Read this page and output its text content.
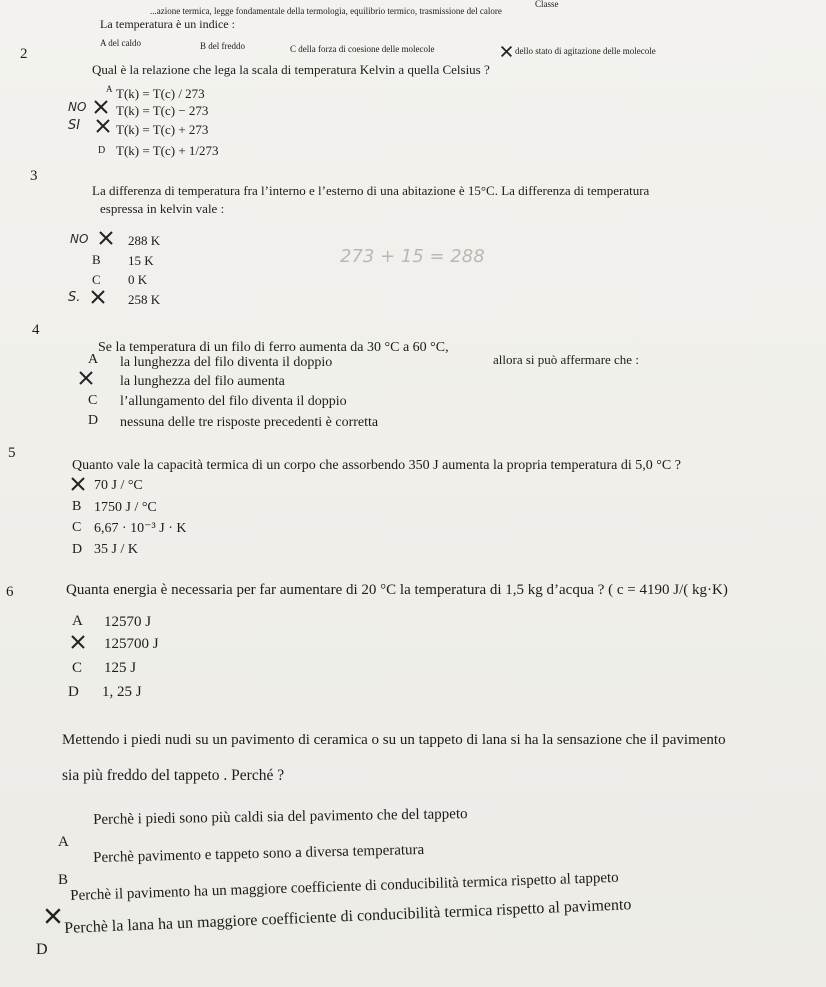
Classe
...azione termica, legge fondamentale della termologia, equilibrio termico, trasmissione del calore
La temperatura è un indice :
A del caldo	B del freddo	C della forza di coesione delle molecole	dello stato di agitazione delle molecole
2
Qual è la relazione che lega la scala di temperatura Kelvin a quella Celsius ?
A T(k) = T(c) / 273
NO T(k) = T(c) − 273
SI	T(k) = T(c) + 273
D T(k) = T(c) + 1/273
3
La differenza di temperatura fra l’interno e l’esterno di una abitazione è 15°C. La differenza di temperatura
espressa in kelvin vale :
NO	288 K
B 15 K	273 + 15 = 288
C 0 K
S.	258 K
4
Se la temperatura di un filo di ferro aumenta da 30 °C a 60 °C,
allora si può affermare che :
A la lunghezza del filo diventa il doppio
la lunghezza del filo aumenta
C l’allungamento del filo diventa il doppio
D nessuna delle tre risposte precedenti è corretta
5
Quanto vale la capacità termica di un corpo che assorbendo 350 J aumenta la propria temperatura di 5,0 °C ?
70 J / °C
B 1750 J / °C
C 6,67 · 10⁻³ J · K
D 35 J / K
6	Quanta energia è necessaria per far aumentare di 20 °C la temperatura di 1,5 kg d’acqua ? ( c = 4190 J/( kg·K)
A 12570 J
125700 J
C 125 J
D 1, 25 J
Mettendo i piedi nudi su un pavimento di ceramica o su un tappeto di lana si ha la sensazione che il pavimento
sia più freddo del tappeto . Perché ?
A
Perchè i piedi sono più caldi sia del pavimento che del tappeto
B
Perchè pavimento e tappeto sono a diversa temperatura
Perchè il pavimento ha un maggiore coefficiente di conducibilità termica rispetto al tappeto
D
Perchè la lana ha un maggiore coefficiente di conducibilità termica rispetto al pavimento
